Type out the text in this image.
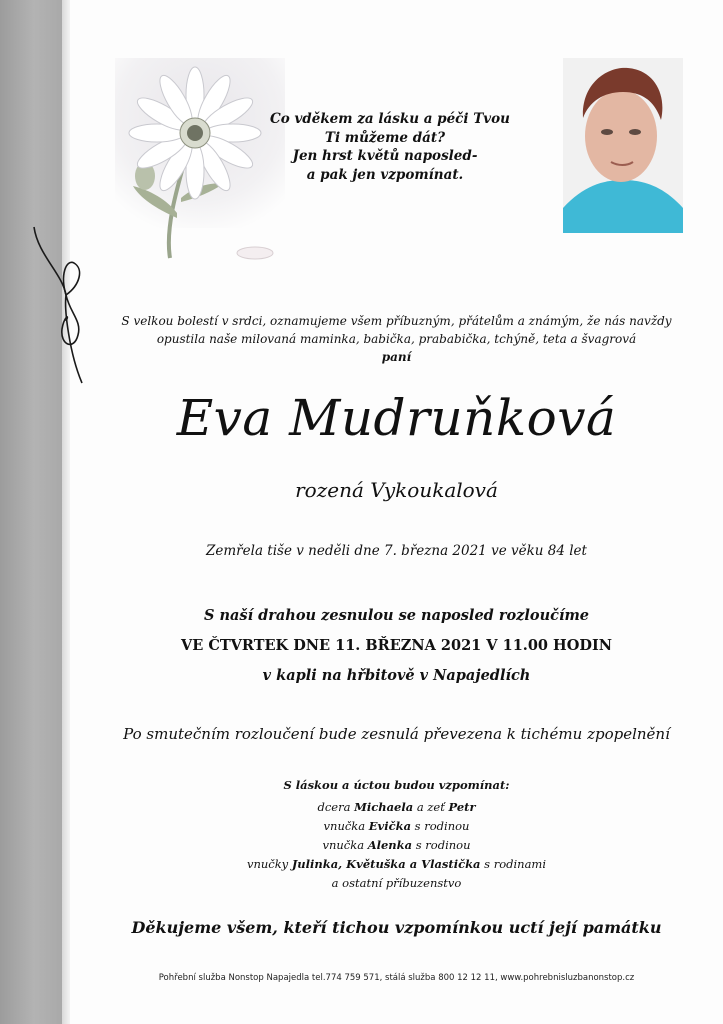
Co vděkem za lásku a péči Tvou
Ti můžeme dát?
Jen hrst květů naposled-
a pak jen vzpomínat.
S velkou bolestí v srdci, oznamujeme všem příbuzným, přátelům a známým, že nás navždy
opustila naše milovaná maminka, babička, prababička, tchýně, teta a švagrová
paní
Eva Mudruňková
rozená Vykoukalová
Zemřela tiše v neděli dne 7. března 2021 ve věku 84 let
S naší drahou zesnulou se naposled rozloučíme
VE ČTVRTEK DNE 11. BŘEZNA 2021 V 11.00 HODIN
v kapli na hřbitově v Napajedlích
Po smutečním rozloučení bude zesnulá převezena k tichému zpopelnění
S láskou a úctou budou vzpomínat:
dcera Michaela a zeť Petr
vnučka Evička s rodinou
vnučka Alenka s rodinou
vnučky Julinka, Květuška a Vlastička s rodinami
a ostatní příbuzenstvo
Děkujeme všem, kteří tichou vzpomínkou uctí její památku
Pohřební služba Nonstop Napajedla tel.774 759 571, stálá služba 800 12 12 11, www.pohrebnisluzbanonstop.cz
